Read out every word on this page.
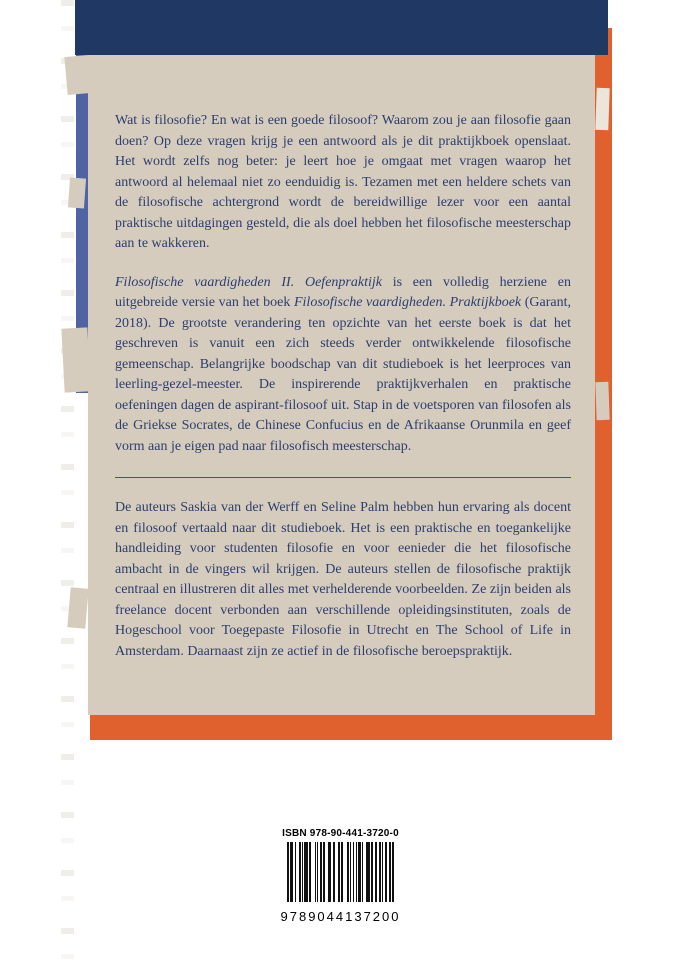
Wat is filosofie? En wat is een goede filosoof? Waarom zou je aan filosofie gaan doen? Op deze vragen krijg je een antwoord als je dit praktijkboek openslaat. Het wordt zelfs nog beter: je leert hoe je omgaat met vragen waarop het antwoord al helemaal niet zo eenduidig is. Tezamen met een heldere schets van de filosofische achtergrond wordt de bereidwillige lezer voor een aantal praktische uitdagingen gesteld, die als doel hebben het filosofische meesterschap aan te wakkeren.

Filosofische vaardigheden II. Oefenpraktijk is een volledig herziene en uitgebreide versie van het boek Filosofische vaardigheden. Praktijkboek (Garant, 2018). De grootste verandering ten opzichte van het eerste boek is dat het geschreven is vanuit een zich steeds verder ontwikkelende filosofische gemeenschap. Belangrijke boodschap van dit studieboek is het leerproces van leerling-gezel-meester. De inspirerende praktijkverhalen en praktische oefeningen dagen de aspirant-filosoof uit. Stap in de voetsporen van filosofen als de Griekse Socrates, de Chinese Confucius en de Afrikaanse Orunmila en geef vorm aan je eigen pad naar filosofisch meesterschap.

De auteurs Saskia van der Werff en Seline Palm hebben hun ervaring als docent en filosoof vertaald naar dit studieboek. Het is een praktische en toegankelijke handleiding voor studenten filosofie en voor eenieder die het filosofische ambacht in de vingers wil krijgen. De auteurs stellen de filosofische praktijk centraal en illustreren dit alles met verhelderende voorbeelden. Ze zijn beiden als freelance docent verbonden aan verschillende opleidingsinstituten, zoals de Hogeschool voor Toegepaste Filosofie in Utrecht en The School of Life in Amsterdam. Daarnaast zijn ze actief in de filosofische beroepspraktijk.

ISBN 978-90-441-3720-0
9789044137200
